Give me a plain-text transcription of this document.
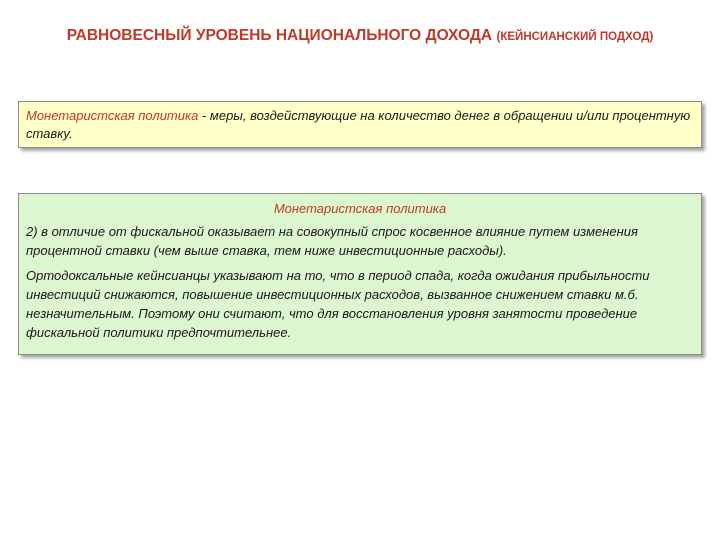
РАВНОВЕСНЫЙ УРОВЕНЬ НАЦИОНАЛЬНОГО ДОХОДА (КЕЙНСИАНСКИЙ ПОДХОД)
Монетаристская политика - меры, воздействующие на количество денег в обращении и/или процентную ставку.
Монетаристская политика

2) в отличие от фискальной оказывает на совокупный спрос косвенное влияние путем изменения процентной ставки (чем выше ставка, тем ниже инвестиционные расходы).

Ортодоксальные кейнсианцы указывают на то, что в период спада, когда ожидания прибыльности инвестиций снижаются, повышение инвестиционных расходов, вызванное снижением ставки м.б. незначительным. Поэтому они считают, что для восстановления уровня занятости проведение фискальной политики предпочтительнее.
